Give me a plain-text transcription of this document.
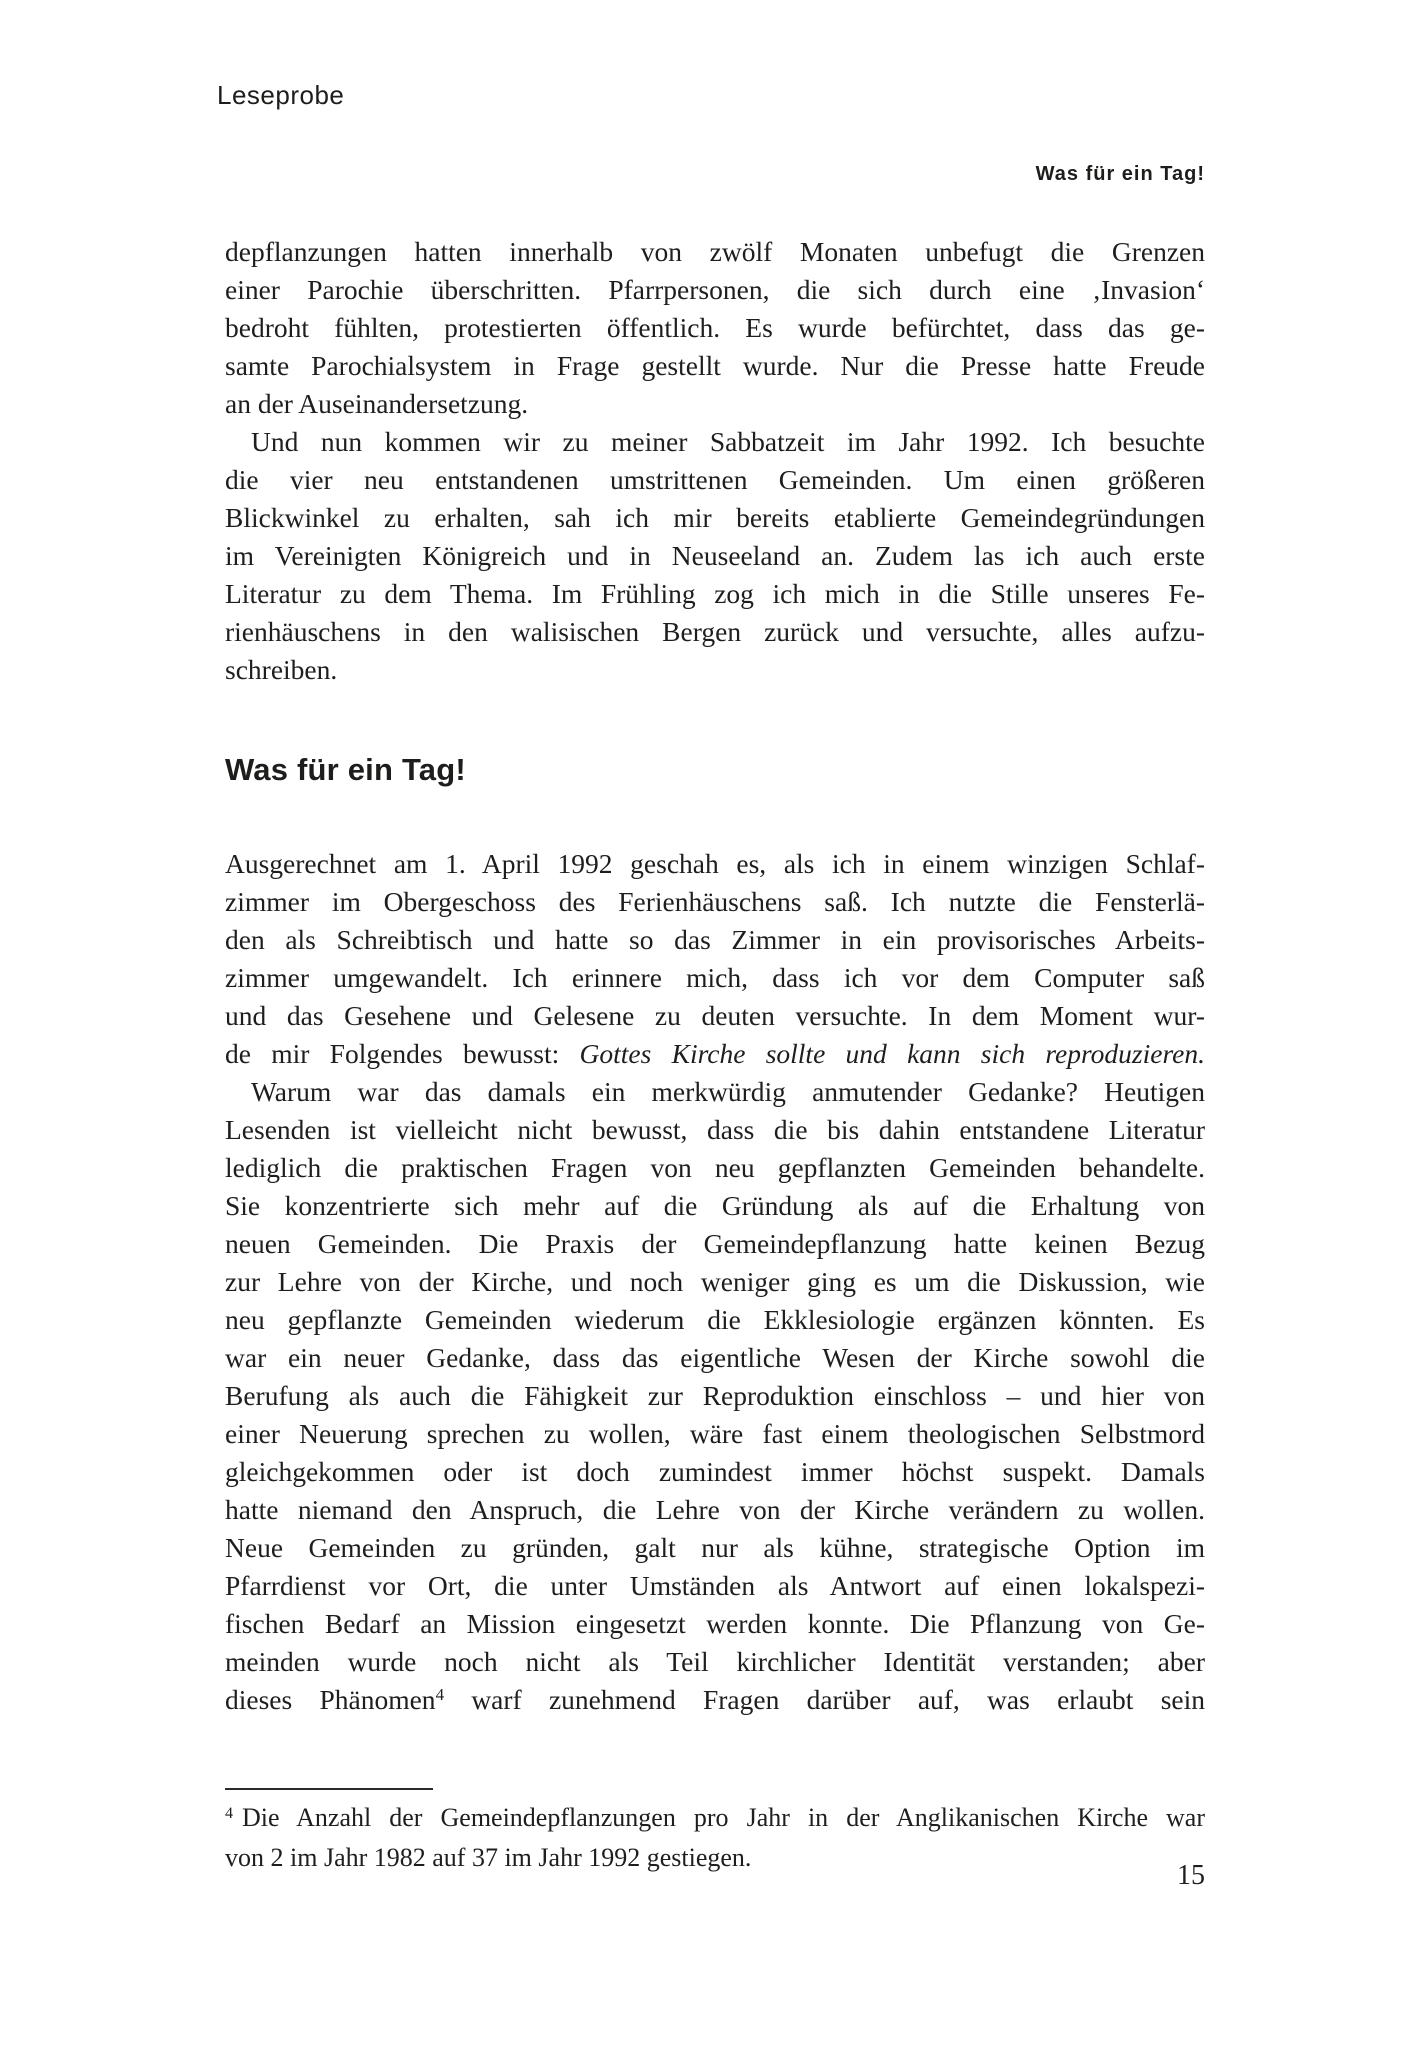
Leseprobe
Was für ein Tag!
depflanzungen hatten innerhalb von zwölf Monaten unbefugt die Grenzen
einer Parochie überschritten. Pfarrpersonen, die sich durch eine ‚Invasion‘
bedroht fühlten, protestierten öffentlich. Es wurde befürchtet, dass das ge-
samte Parochialsystem in Frage gestellt wurde. Nur die Presse hatte Freude
an der Auseinandersetzung.
Und nun kommen wir zu meiner Sabbatzeit im Jahr 1992. Ich besuchte
die vier neu entstandenen umstrittenen Gemeinden. Um einen größeren
Blickwinkel zu erhalten, sah ich mir bereits etablierte Gemeindegründungen
im Vereinigten Königreich und in Neuseeland an. Zudem las ich auch erste
Literatur zu dem Thema. Im Frühling zog ich mich in die Stille unseres Fe-
rienhäuschens in den walisischen Bergen zurück und versuchte, alles aufzu-
schreiben.
Was für ein Tag!
Ausgerechnet am 1. April 1992 geschah es, als ich in einem winzigen Schlaf-
zimmer im Obergeschoss des Ferienhäuschens saß. Ich nutzte die Fensterlä-
den als Schreibtisch und hatte so das Zimmer in ein provisorisches Arbeits-
zimmer umgewandelt. Ich erinnere mich, dass ich vor dem Computer saß
und das Gesehene und Gelesene zu deuten versuchte. In dem Moment wur-
de mir Folgendes bewusst: Gottes Kirche sollte und kann sich reproduzieren.
Warum war das damals ein merkwürdig anmutender Gedanke? Heutigen
Lesenden ist vielleicht nicht bewusst, dass die bis dahin entstandene Literatur
lediglich die praktischen Fragen von neu gepflanzten Gemeinden behandelte.
Sie konzentrierte sich mehr auf die Gründung als auf die Erhaltung von
neuen Gemeinden. Die Praxis der Gemeindepflanzung hatte keinen Bezug
zur Lehre von der Kirche, und noch weniger ging es um die Diskussion, wie
neu gepflanzte Gemeinden wiederum die Ekklesiologie ergänzen könnten. Es
war ein neuer Gedanke, dass das eigentliche Wesen der Kirche sowohl die
Berufung als auch die Fähigkeit zur Reproduktion einschloss – und hier von
einer Neuerung sprechen zu wollen, wäre fast einem theologischen Selbstmord
gleichgekommen oder ist doch zumindest immer höchst suspekt. Damals
hatte niemand den Anspruch, die Lehre von der Kirche verändern zu wollen.
Neue Gemeinden zu gründen, galt nur als kühne, strategische Option im
Pfarrdienst vor Ort, die unter Umständen als Antwort auf einen lokalspezi-
fischen Bedarf an Mission eingesetzt werden konnte. Die Pflanzung von Ge-
meinden wurde noch nicht als Teil kirchlicher Identität verstanden; aber
dieses Phänomen$^4$ warf zunehmend Fragen darüber auf, was erlaubt sein
$^4$ Die Anzahl der Gemeindepflanzungen pro Jahr in der Anglikanischen Kirche war
von 2 im Jahr 1982 auf 37 im Jahr 1992 gestiegen.
15
